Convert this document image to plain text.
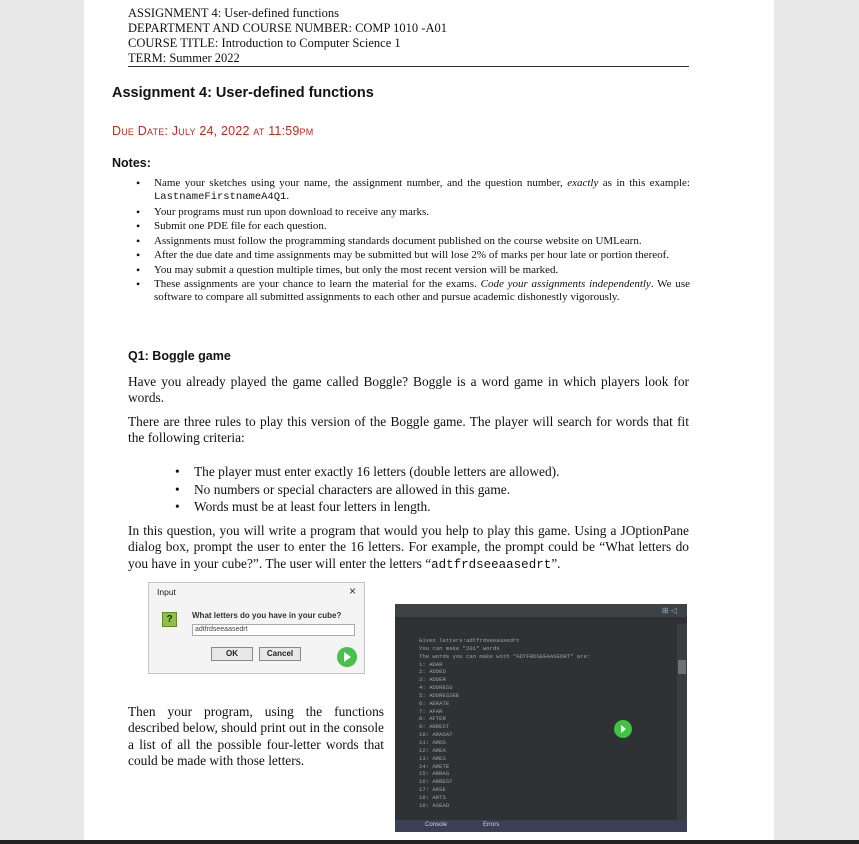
ASSIGNMENT 4: User-defined functions
DEPARTMENT AND COURSE NUMBER: COMP 1010 -A01
COURSE TITLE: Introduction to Computer Science 1
TERM: Summer 2022
Assignment 4: User-defined functions
Due Date: July 24, 2022 at 11:59pm
Notes:
• Name your sketches using your name, the assignment number, and the question number, exactly as in this example: LastnameFirstnameA4Q1.
• Your programs must run upon download to receive any marks.
• Submit one PDE file for each question.
• Assignments must follow the programming standards document published on the course website on UMLearn.
• After the due date and time assignments may be submitted but will lose 2% of marks per hour late or portion thereof.
• You may submit a question multiple times, but only the most recent version will be marked.
• These assignments are your chance to learn the material for the exams. Code your assignments independently. We use software to compare all submitted assignments to each other and pursue academic dishonestly vigorously.
Q1: Boggle game
Have you already played the game called Boggle? Boggle is a word game in which players look for words.
There are three rules to play this version of the Boggle game. The player will search for words that fit the following criteria:
• The player must enter exactly 16 letters (double letters are allowed).
• No numbers or special characters are allowed in this game.
• Words must be at least four letters in length.
In this question, you will write a program that would you help to play this game. Using a JOptionPane dialog box, prompt the user to enter the 16 letters. For example, the prompt could be “What letters do you have in your cube?”. The user will enter the letters “adtfrdseeaasedrt”.
Then your program, using the functions described below, should print out in the console a list of all the possible four-letter words that could be made with those letters.
Input	×
?	What letters do you have in your cube?
adtfrdseeaasedrt
OK	Cancel
⊞ ◁
Given letters:adtfrdseeaasedrt
You can make "201" words
The words you can make with "ADTFRDSEEAASEDRT" are:
1: ADAR
2: ADDED
3: ADDER
4: ADDRESS
5: ADDRESSEE
6: AERATE
7: AFAR
8: AFTER
9: ARREST
10: ARASAT
11: ARDS
12: AREA
13: ARES
14: ARETE
15: ARRAS
16: ARREST
17: ARSE
18: ARTS
19: ASEAD
Console	Errors
